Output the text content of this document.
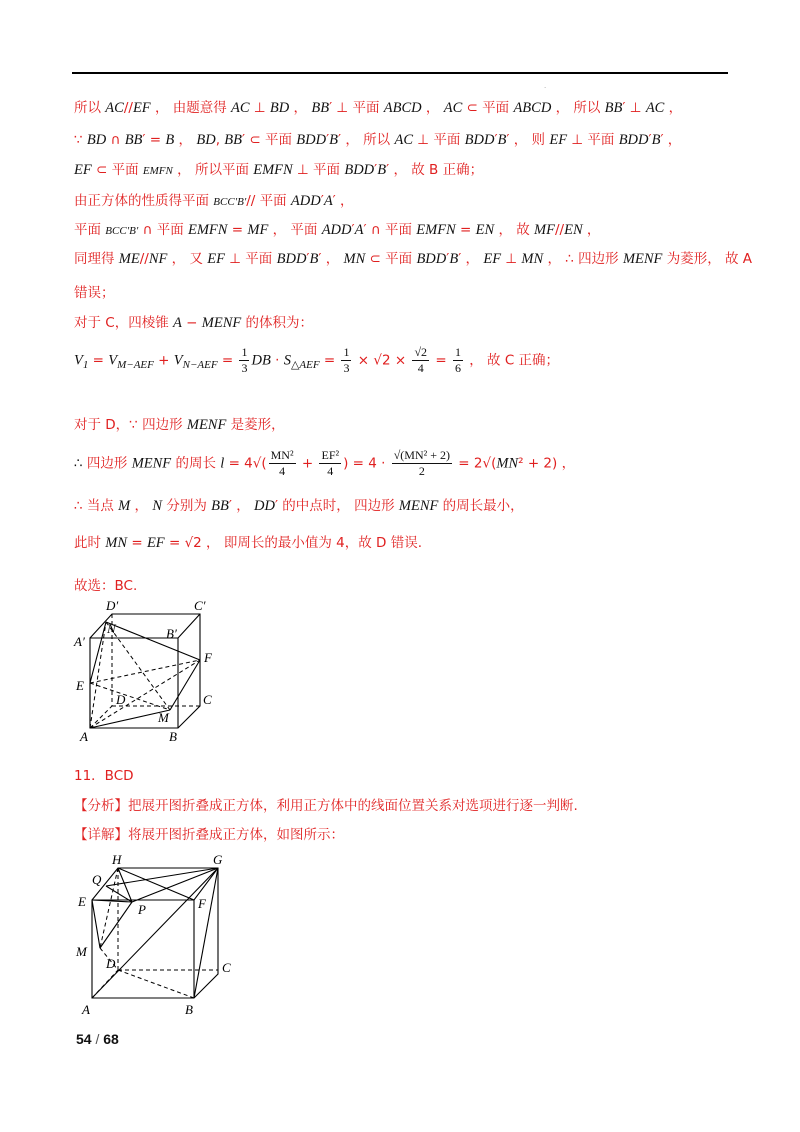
·
所以 AC//EF ， 由题意得 AC ⊥ BD ， BB′ ⊥ 平面 ABCD ， AC ⊂ 平面 ABCD ， 所以 BB′ ⊥ AC ，
∵ BD ∩ BB′ = B ， BD, BB′ ⊂ 平面 BDD′B′ ， 所以 AC ⊥ 平面 BDD′B′ ， 则 EF ⊥ 平面 BDD′B′ ，
EF ⊂ 平面 EMFN ， 所以平面 EMFN ⊥ 平面 BDD′B′ ， 故 B 正确；
由正方体的性质得平面 BCC′B′// 平面 ADD′A′ ，
平面 BCC′B′ ∩ 平面 EMFN = MF ， 平面 ADD′A′ ∩ 平面 EMFN = EN ， 故 MF//EN ，
同理得 ME//NF ， 又 EF ⊥ 平面 BDD′B′ ， MN ⊂ 平面 BDD′B′ ， EF ⊥ MN ， ∴ 四边形 MENF 为菱形， 故 A
错误；
对于 C，四棱锥 A − MENF 的体积为：
$V_1 = V_{M-AEF} + V_{N-AEF} = \frac{1}{3}$ DB · $S_{\triangle AEF} = \frac{1}{3} \times √2 \times \frac{√2}{4} = \frac{1}{6}$ ， 故 C 正确；
对于 D，∵ 四边形 MENF 是菱形，
∴ 四边形 MENF 的周长 $l = 4√( \frac{\text{MN²}}{4} + \frac{\text{EF²}}{4}$ ) = $4 \cdot \frac{\text{√(MN² + 2)}}{2} = 2√(MN^2 + 2)$ ，
∴ 当点 M ， N 分别为 BB′ ， DD′ 的中点时， 四边形 MENF 的周长最小，
此时 MN = EF = √2 ， 即周长的最小值为 4，故 D 错误.
故选：BC.
D′	C′
N	B′
A′
F
E
D	C
M
A	B
11．BCD
【分析】把展开图折叠成正方体，利用正方体中的线面位置关系对选项进行逐一判断.
【详解】将展开图折叠成正方体，如图所示：
H	G
Q
E
P	F
M
D	C
A	B
54 / 68
